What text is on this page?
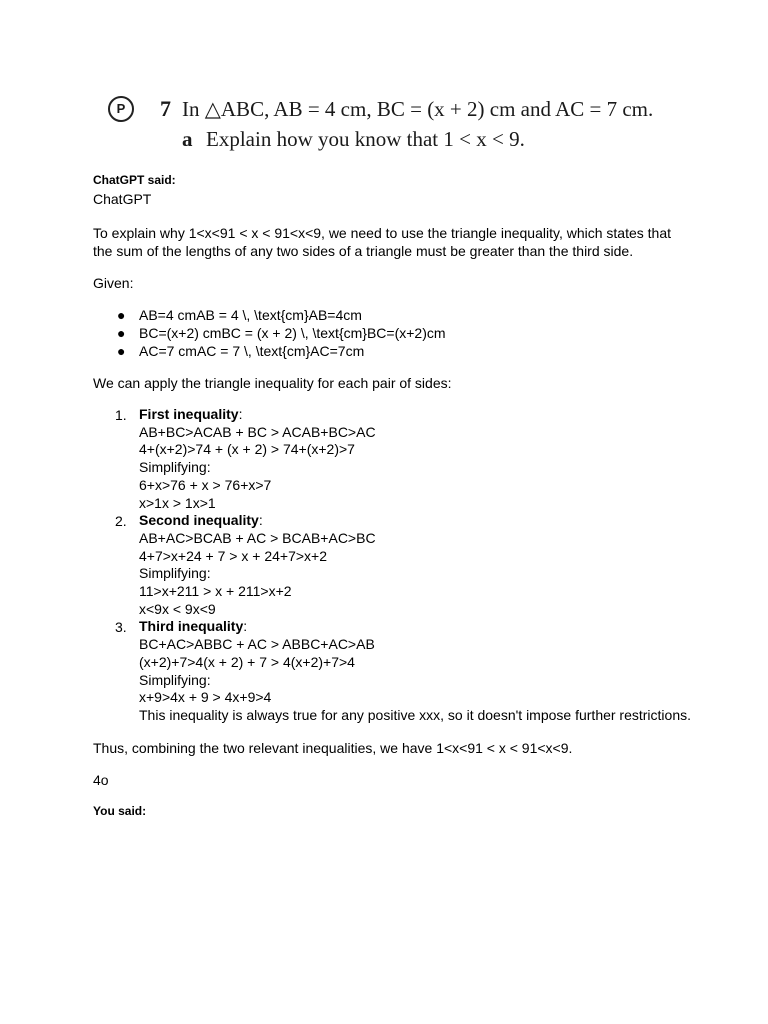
P	7 In △ABC, AB = 4 cm, BC = (x + 2) cm and AC = 7 cm.
a Explain how you know that 1 < x < 9.

ChatGPT said:

ChatGPT

To explain why 1<x<91 < x < 91<x<9, we need to use the triangle inequality, which states that the sum of the lengths of any two sides of a triangle must be greater than the third side.

Given:

● AB=4 cmAB = 4 \, \text{cm}AB=4cm
● BC=(x+2) cmBC = (x + 2) \, \text{cm}BC=(x+2)cm
● AC=7 cmAC = 7 \, \text{cm}AC=7cm

We can apply the triangle inequality for each pair of sides:

1. First inequality:
AB+BC>ACAB + BC > ACAB+BC>AC
4+(x+2)>74 + (x + 2) > 74+(x+2)>7
Simplifying:
6+x>76 + x > 76+x>7
x>1x > 1x>1
2. Second inequality:
AB+AC>BCAB + AC > BCAB+AC>BC
4+7>x+24 + 7 > x + 24+7>x+2
Simplifying:
11>x+211 > x + 211>x+2
x<9x < 9x<9
3. Third inequality:
BC+AC>ABBC + AC > ABBC+AC>AB
(x+2)+7>4(x + 2) + 7 > 4(x+2)+7>4
Simplifying:
x+9>4x + 9 > 4x+9>4
This inequality is always true for any positive xxx, so it doesn't impose further restrictions.

Thus, combining the two relevant inequalities, we have 1<x<91 < x < 91<x<9.

4o

You said:
